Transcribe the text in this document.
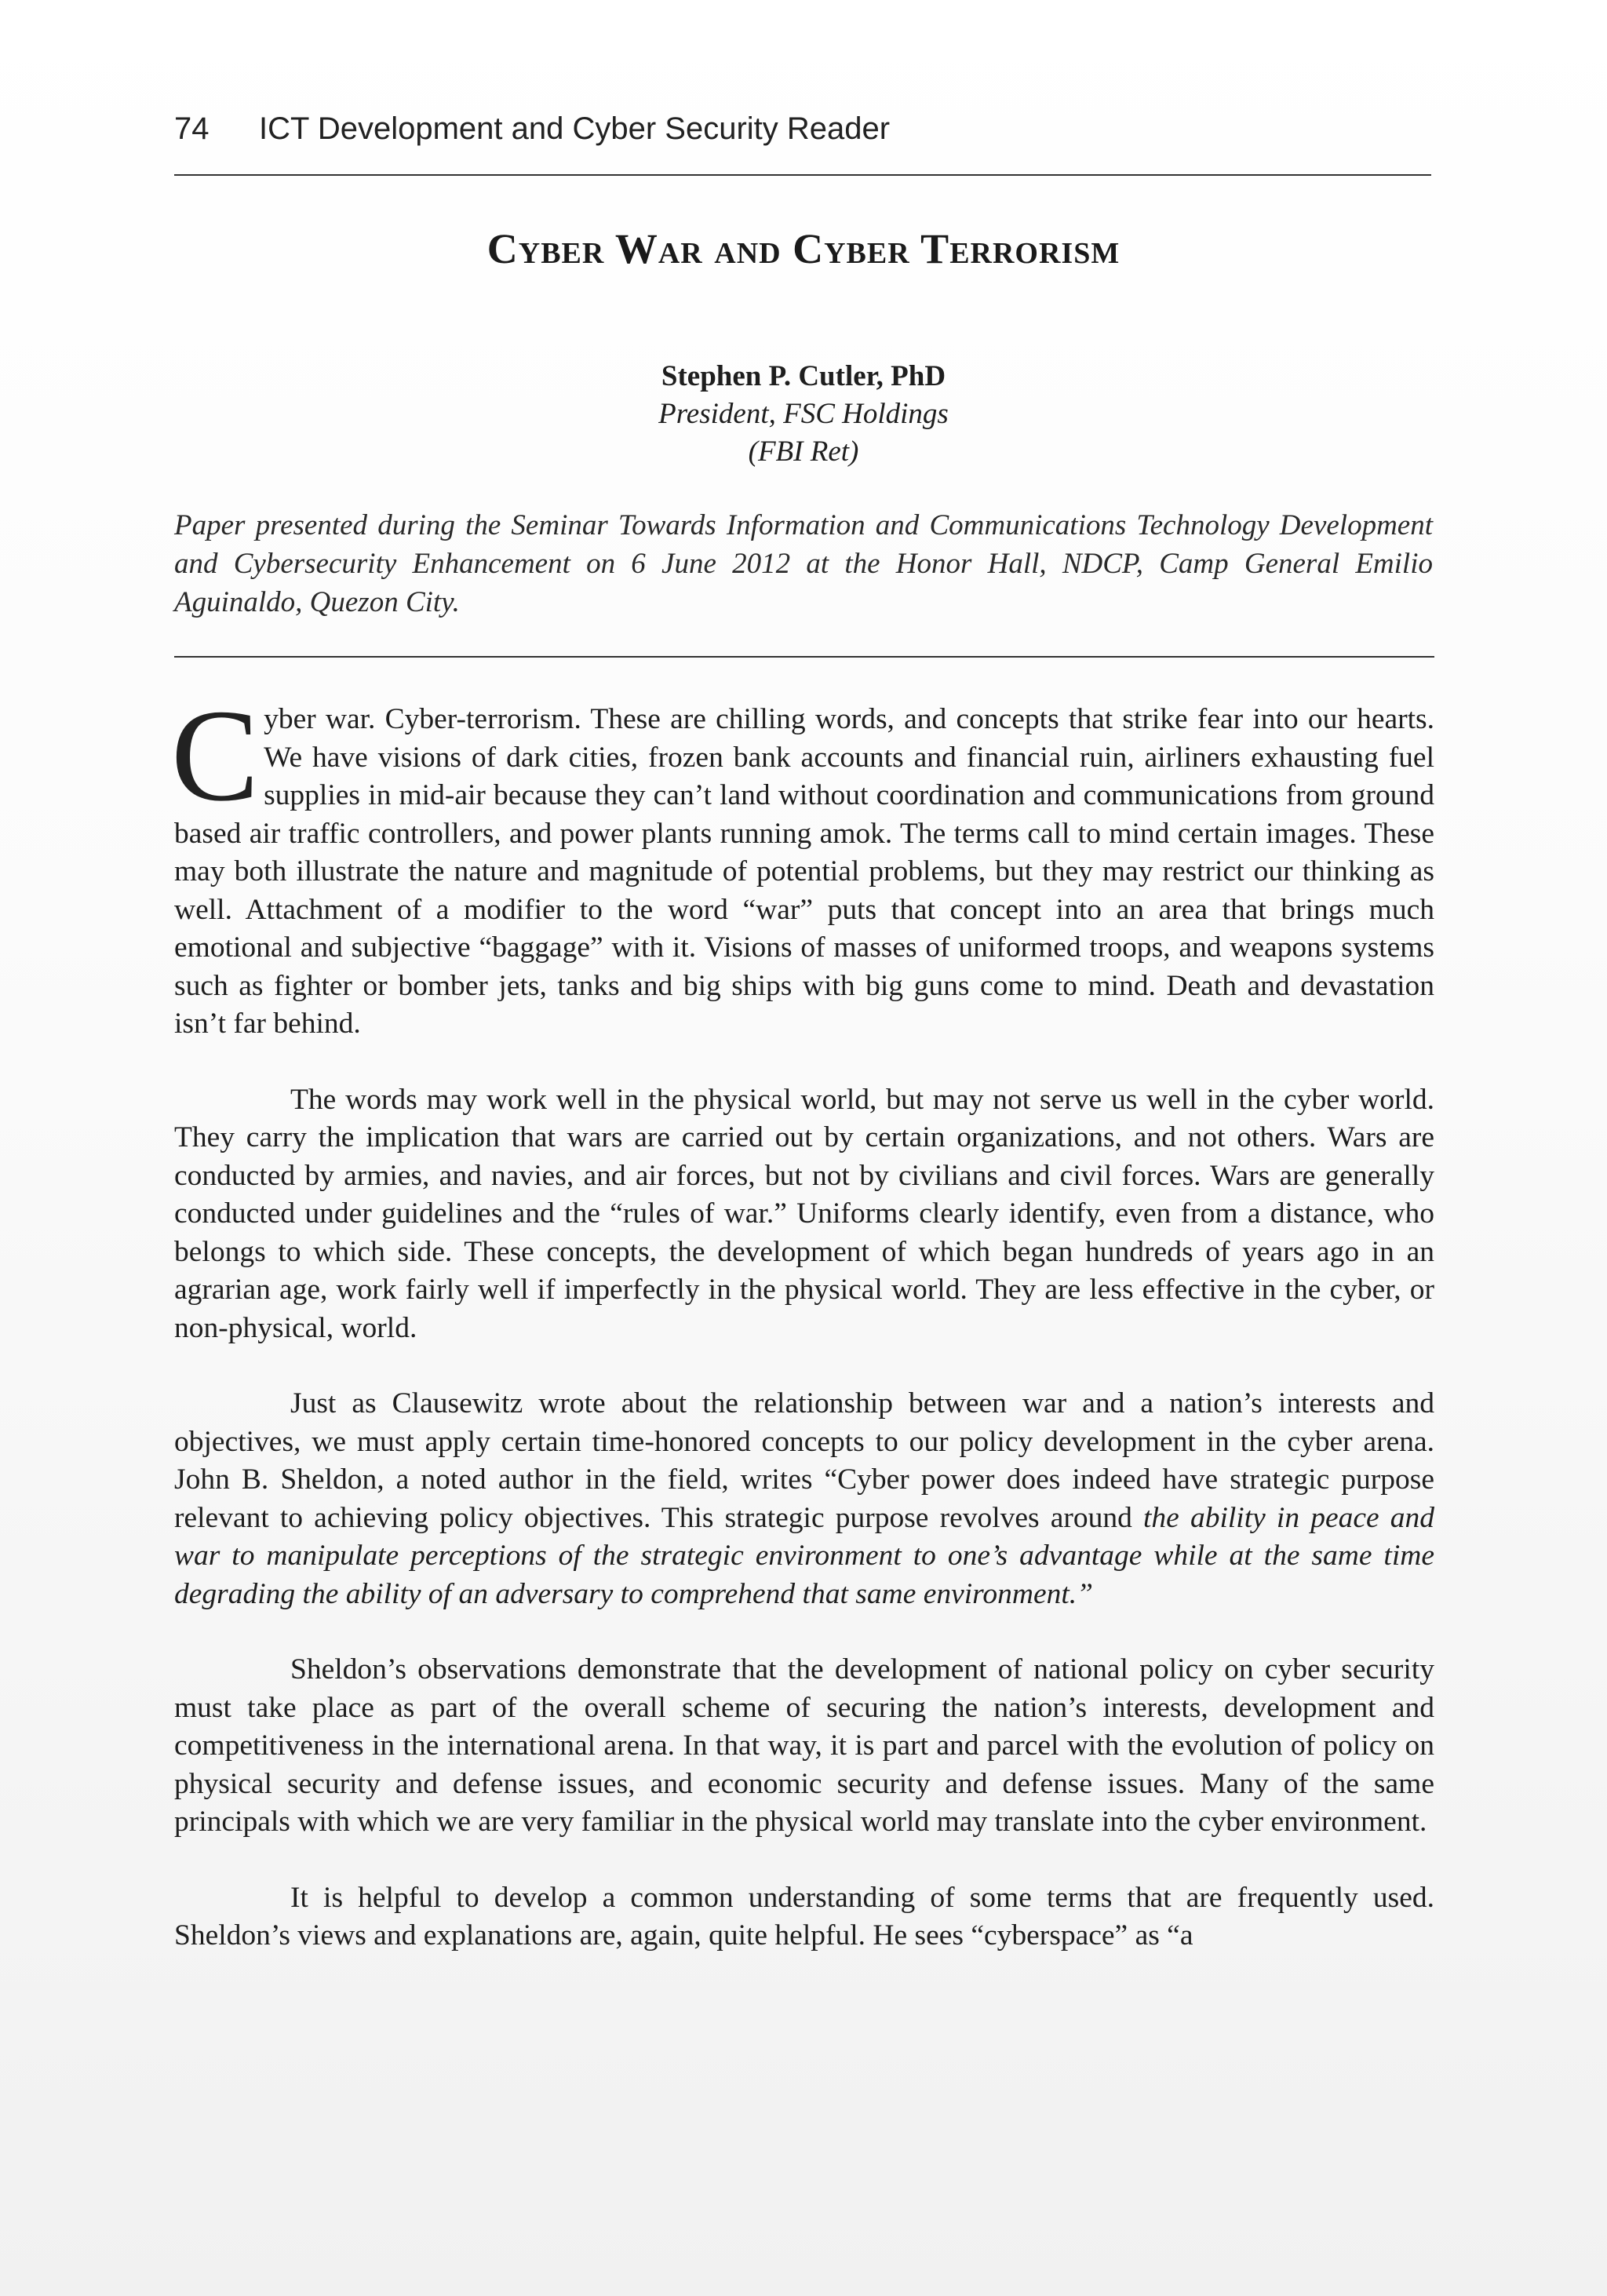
74 ICT Development and Cyber Security Reader
Cyber War and Cyber Terrorism
Stephen P. Cutler, PhD
President, FSC Holdings
(FBI Ret)
Paper presented during the Seminar Towards Information and Communications Technology Development and Cybersecurity Enhancement on 6 June 2012 at the Honor Hall, NDCP, Camp General Emilio Aguinaldo, Quezon City.

Cyber war. Cyber-terrorism. These are chilling words, and concepts that strike fear into our hearts. We have visions of dark cities, frozen bank accounts and financial ruin, airliners exhausting fuel supplies in mid-air because they can’t land without coordination and communications from ground based air traffic controllers, and power plants running amok. The terms call to mind certain images. These may both illustrate the nature and magnitude of potential problems, but they may restrict our thinking as well. Attachment of a modifier to the word “war” puts that concept into an area that brings much emotional and subjective “baggage” with it. Visions of masses of uniformed troops, and weapons systems such as fighter or bomber jets, tanks and big ships with big guns come to mind. Death and devastation isn’t far behind.

The words may work well in the physical world, but may not serve us well in the cyber world. They carry the implication that wars are carried out by certain organizations, and not others. Wars are conducted by armies, and navies, and air forces, but not by civilians and civil forces. Wars are generally conducted under guidelines and the “rules of war.” Uniforms clearly identify, even from a distance, who belongs to which side. These concepts, the development of which began hundreds of years ago in an agrarian age, work fairly well if imperfectly in the physical world. They are less effective in the cyber, or non-physical, world.

Just as Clausewitz wrote about the relationship between war and a nation’s interests and objectives, we must apply certain time-honored concepts to our policy development in the cyber arena. John B. Sheldon, a noted author in the field, writes “Cyber power does indeed have strategic purpose relevant to achieving policy objectives. This strategic purpose revolves around the ability in peace and war to manipulate perceptions of the strategic environment to one’s advantage while at the same time degrading the ability of an adversary to comprehend that same environment.”

Sheldon’s observations demonstrate that the development of national policy on cyber security must take place as part of the overall scheme of securing the nation’s interests, development and competitiveness in the international arena. In that way, it is part and parcel with the evolution of policy on physical security and defense issues, and economic security and defense issues. Many of the same principals with which we are very familiar in the physical world may translate into the cyber environment.

It is helpful to develop a common understanding of some terms that are frequently used. Sheldon’s views and explanations are, again, quite helpful. He sees “cyberspace” as “a
